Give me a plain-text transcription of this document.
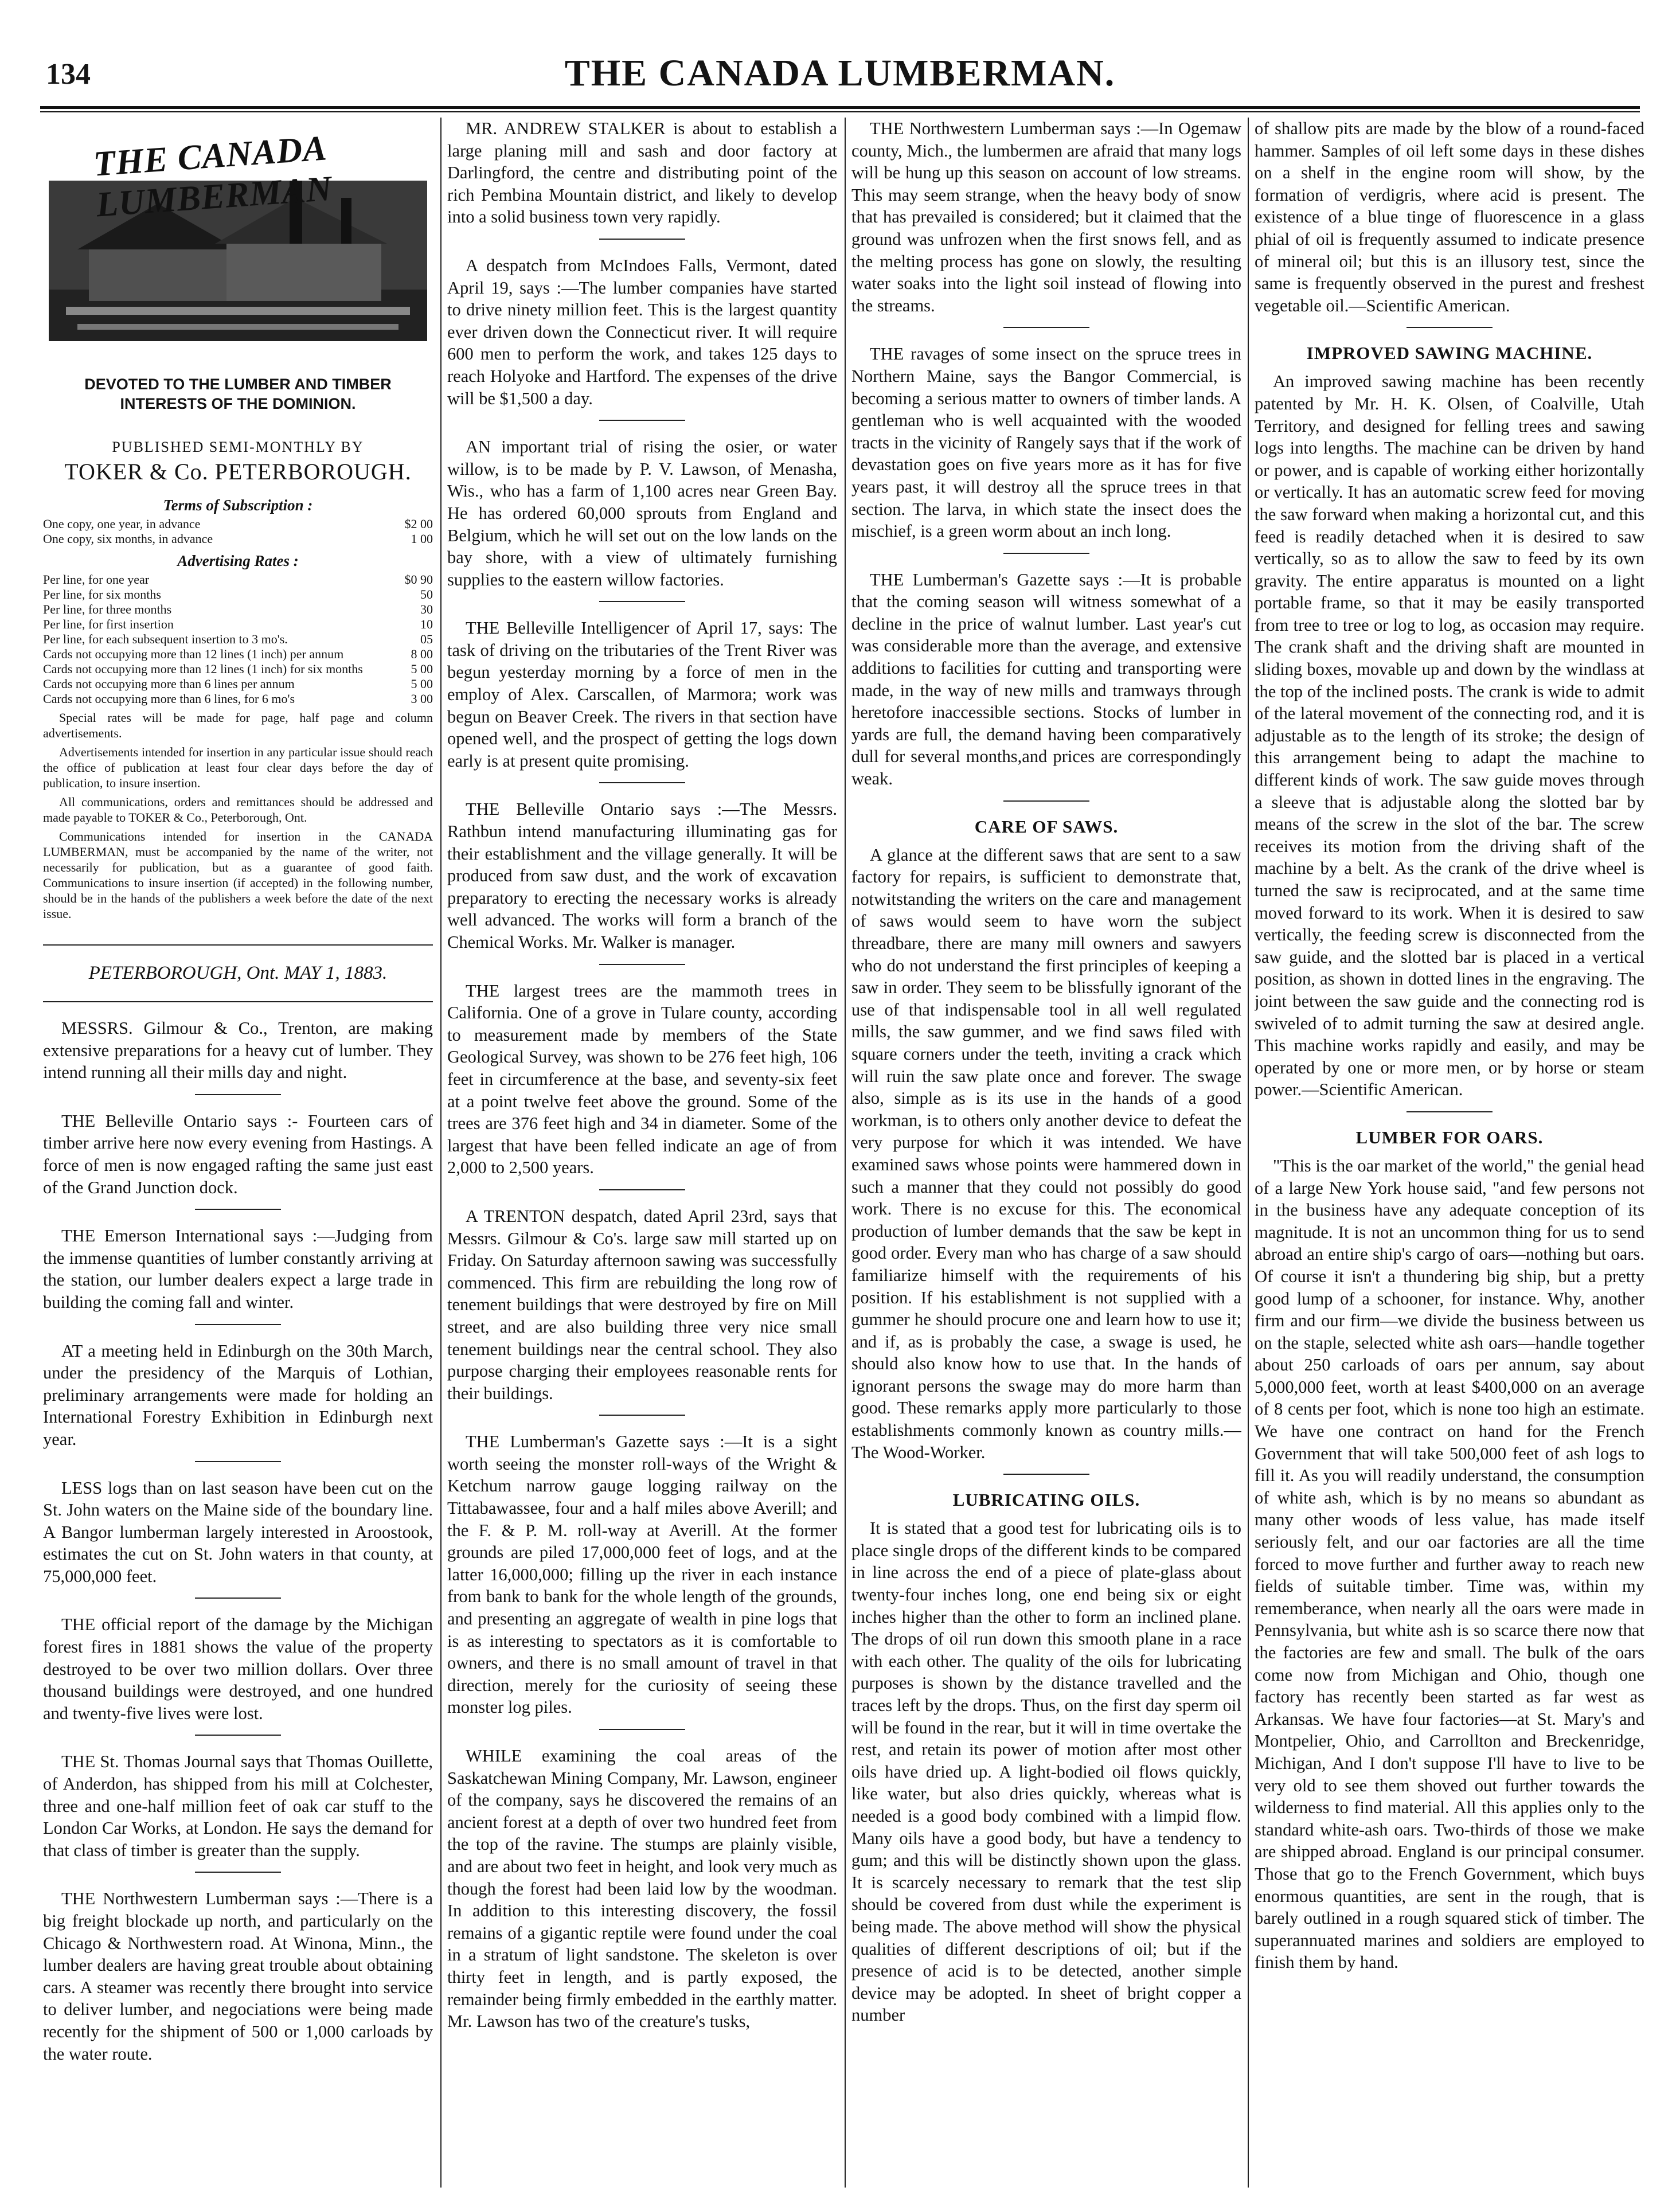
134	THE CANADA LUMBERMAN.
THE CANADA LUMBERMAN
DEVOTED TO THE LUMBER AND TIMBER INTERESTS OF THE DOMINION.
PUBLISHED SEMI-MONTHLY BY
TOKER & Co. PETERBOROUGH.
Terms of Subscription :
One copy, one year, in advance	$2 00
One copy, six months, in advance	1 00
Advertising Rates :
Per line, for one year	$0 90
Per line, for six months	50
Per line, for three months	30
Per line, for first insertion	10
Per line, for each subsequent insertion to 3 mo's.	05
Cards not occupying more than 12 lines (1 inch) per annum	8 00
Cards not occupying more than 12 lines (1 inch) for six months	5 00
Cards not occupying more than 6 lines per annum	5 00
Cards not occupying more than 6 lines, for 6 mo's	3 00
Special rates will be made for page, half page and column advertisements.
Advertisements intended for insertion in any particular issue should reach the office of publication at least four clear days before the day of publication, to insure insertion.
All communications, orders and remittances should be addressed and made payable to TOKER & Co., Peterborough, Ont.
Communications intended for insertion in the CANADA LUMBERMAN, must be accompanied by the name of the writer, not necessarily for publication, but as a guarantee of good faith. Communications to insure insertion (if accepted) in the following number, should be in the hands of the publishers a week before the date of the next issue.
PETERBOROUGH, Ont. MAY 1, 1883.

MESSRS. Gilmour & Co., Trenton, are making extensive preparations for a heavy cut of lumber. They intend running all their mills day and night.

THE Belleville Ontario says :- Fourteen cars of timber arrive here now every evening from Hastings. A force of men is now engaged rafting the same just east of the Grand Junction dock.

THE Emerson International says :—Judging from the immense quantities of lumber constantly arriving at the station, our lumber dealers expect a large trade in building the coming fall and winter.

AT a meeting held in Edinburgh on the 30th March, under the presidency of the Marquis of Lothian, preliminary arrangements were made for holding an International Forestry Exhibition in Edinburgh next year.

LESS logs than on last season have been cut on the St. John waters on the Maine side of the boundary line. A Bangor lumberman largely interested in Aroostook, estimates the cut on St. John waters in that county, at 75,000,000 feet.

THE official report of the damage by the Michigan forest fires in 1881 shows the value of the property destroyed to be over two million dollars. Over three thousand buildings were destroyed, and one hundred and twenty-five lives were lost.

THE St. Thomas Journal says that Thomas Ouillette, of Anderdon, has shipped from his mill at Colchester, three and one-half million feet of oak car stuff to the London Car Works, at London. He says the demand for that class of timber is greater than the supply.

THE Northwestern Lumberman says :—There is a big freight blockade up north, and particularly on the Chicago & Northwestern road. At Winona, Minn., the lumber dealers are having great trouble about obtaining cars. A steamer was recently there brought into service to deliver lumber, and negociations were being made recently for the shipment of 500 or 1,000 carloads by the water route.

MR. ANDREW STALKER is about to establish a large planing mill and sash and door factory at Darlingford, the centre and distributing point of the rich Pembina Mountain district, and likely to develop into a solid business town very rapidly.

A despatch from McIndoes Falls, Vermont, dated April 19, says :—The lumber companies have started to drive ninety million feet. This is the largest quantity ever driven down the Connecticut river. It will require 600 men to perform the work, and takes 125 days to reach Holyoke and Hartford. The expenses of the drive will be $1,500 a day.

AN important trial of rising the osier, or water willow, is to be made by P. V. Lawson, of Menasha, Wis., who has a farm of 1,100 acres near Green Bay. He has ordered 60,000 sprouts from England and Belgium, which he will set out on the low lands on the bay shore, with a view of ultimately furnishing supplies to the eastern willow factories.

THE Belleville Intelligencer of April 17, says: The task of driving on the tributaries of the Trent River was begun yesterday morning by a force of men in the employ of Alex. Carscallen, of Marmora; work was begun on Beaver Creek. The rivers in that section have opened well, and the prospect of getting the logs down early is at present quite promising.

THE Belleville Ontario says :—The Messrs. Rathbun intend manufacturing illuminating gas for their establishment and the village generally. It will be produced from saw dust, and the work of excavation preparatory to erecting the necessary works is already well advanced. The works will form a branch of the Chemical Works. Mr. Walker is manager.

THE largest trees are the mammoth trees in California. One of a grove in Tulare county, according to measurement made by members of the State Geological Survey, was shown to be 276 feet high, 106 feet in circumference at the base, and seventy-six feet at a point twelve feet above the ground. Some of the trees are 376 feet high and 34 in diameter. Some of the largest that have been felled indicate an age of from 2,000 to 2,500 years.

A TRENTON despatch, dated April 23rd, says that Messrs. Gilmour & Co's. large saw mill started up on Friday. On Saturday afternoon sawing was successfully commenced. This firm are rebuilding the long row of tenement buildings that were destroyed by fire on Mill street, and are also building three very nice small tenement buildings near the central school. They also purpose charging their employees reasonable rents for their buildings.

THE Lumberman's Gazette says :—It is a sight worth seeing the monster roll-ways of the Wright & Ketchum narrow gauge logging railway on the Tittabawassee, four and a half miles above Averill; and the F. & P. M. roll-way at Averill. At the former grounds are piled 17,000,000 feet of logs, and at the latter 16,000,000; filling up the river in each instance from bank to bank for the whole length of the grounds, and presenting an aggregate of wealth in pine logs that is as interesting to spectators as it is comfortable to owners, and there is no small amount of travel in that direction, merely for the curiosity of seeing these monster log piles.

WHILE examining the coal areas of the Saskatchewan Mining Company, Mr. Lawson, engineer of the company, says he discovered the remains of an ancient forest at a depth of over two hundred feet from the top of the ravine. The stumps are plainly visible, and are about two feet in height, and look very much as though the forest had been laid low by the woodman. In addition to this interesting discovery, the fossil remains of a gigantic reptile were found under the coal in a stratum of light sandstone. The skeleton is over thirty feet in length, and is partly exposed, the remainder being firmly embedded in the earthly matter. Mr. Lawson has two of the creature's tusks,

THE Northwestern Lumberman says :—In Ogemaw county, Mich., the lumbermen are afraid that many logs will be hung up this season on account of low streams. This may seem strange, when the heavy body of snow that has prevailed is considered; but it claimed that the ground was unfrozen when the first snows fell, and as the melting process has gone on slowly, the resulting water soaks into the light soil instead of flowing into the streams.

THE ravages of some insect on the spruce trees in Northern Maine, says the Bangor Commercial, is becoming a serious matter to owners of timber lands. A gentleman who is well acquainted with the wooded tracts in the vicinity of Rangely says that if the work of devastation goes on five years more as it has for five years past, it will destroy all the spruce trees in that section. The larva, in which state the insect does the mischief, is a green worm about an inch long.

THE Lumberman's Gazette says :—It is probable that the coming season will witness somewhat of a decline in the price of walnut lumber. Last year's cut was considerable more than the average, and extensive additions to facilities for cutting and transporting were made, in the way of new mills and tramways through heretofore inaccessible sections. Stocks of lumber in yards are full, the demand having been comparatively dull for several months,and prices are correspondingly weak.

CARE OF SAWS.

A glance at the different saws that are sent to a saw factory for repairs, is sufficient to demonstrate that, notwitstanding the writers on the care and management of saws would seem to have worn the subject threadbare, there are many mill owners and sawyers who do not understand the first principles of keeping a saw in order. They seem to be blissfully ignorant of the use of that indispensable tool in all well regulated mills, the saw gummer, and we find saws filed with square corners under the teeth, inviting a crack which will ruin the saw plate once and forever. The swage also, simple as is its use in the hands of a good workman, is to others only another device to defeat the very purpose for which it was intended. We have examined saws whose points were hammered down in such a manner that they could not possibly do good work. There is no excuse for this. The economical production of lumber demands that the saw be kept in good order. Every man who has charge of a saw should familiarize himself with the requirements of his position. If his establishment is not supplied with a gummer he should procure one and learn how to use it; and if, as is probably the case, a swage is used, he should also know how to use that. In the hands of ignorant persons the swage may do more harm than good. These remarks apply more particularly to those establishments commonly known as country mills.—The Wood-Worker.

LUBRICATING OILS.

It is stated that a good test for lubricating oils is to place single drops of the different kinds to be compared in line across the end of a piece of plate-glass about twenty-four inches long, one end being six or eight inches higher than the other to form an inclined plane. The drops of oil run down this smooth plane in a race with each other. The quality of the oils for lubricating purposes is shown by the distance travelled and the traces left by the drops. Thus, on the first day sperm oil will be found in the rear, but it will in time overtake the rest, and retain its power of motion after most other oils have dried up. A light-bodied oil flows quickly, like water, but also dries quickly, whereas what is needed is a good body combined with a limpid flow. Many oils have a good body, but have a tendency to gum; and this will be distinctly shown upon the glass. It is scarcely necessary to remark that the test slip should be covered from dust while the experiment is being made. The above method will show the physical qualities of different descriptions of oil; but if the presence of acid is to be detected, another simple device may be adopted. In sheet of bright copper a number

of shallow pits are made by the blow of a round-faced hammer. Samples of oil left some days in these dishes on a shelf in the engine room will show, by the formation of verdigris, where acid is present. The existence of a blue tinge of fluorescence in a glass phial of oil is frequently assumed to indicate presence of mineral oil; but this is an illusory test, since the same is frequently observed in the purest and freshest vegetable oil.—Scientific American.

IMPROVED SAWING MACHINE.

An improved sawing machine has been recently patented by Mr. H. K. Olsen, of Coalville, Utah Territory, and designed for felling trees and sawing logs into lengths. The machine can be driven by hand or power, and is capable of working either horizontally or vertically. It has an automatic screw feed for moving the saw forward when making a horizontal cut, and this feed is readily detached when it is desired to saw vertically, so as to allow the saw to feed by its own gravity. The entire apparatus is mounted on a light portable frame, so that it may be easily transported from tree to tree or log to log, as occasion may require. The crank shaft and the driving shaft are mounted in sliding boxes, movable up and down by the windlass at the top of the inclined posts. The crank is wide to admit of the lateral movement of the connecting rod, and it is adjustable as to the length of its stroke; the design of this arrangement being to adapt the machine to different kinds of work. The saw guide moves through a sleeve that is adjustable along the slotted bar by means of the screw in the slot of the bar. The screw receives its motion from the driving shaft of the machine by a belt. As the crank of the drive wheel is turned the saw is reciprocated, and at the same time moved forward to its work. When it is desired to saw vertically, the feeding screw is disconnected from the saw guide, and the slotted bar is placed in a vertical position, as shown in dotted lines in the engraving. The joint between the saw guide and the connecting rod is swiveled of to admit turning the saw at desired angle. This machine works rapidly and easily, and may be operated by one or more men, or by horse or steam power.—Scientific American.

LUMBER FOR OARS.

"This is the oar market of the world," the genial head of a large New York house said, "and few persons not in the business have any adequate conception of its magnitude. It is not an uncommon thing for us to send abroad an entire ship's cargo of oars—nothing but oars. Of course it isn't a thundering big ship, but a pretty good lump of a schooner, for instance. Why, another firm and our firm—we divide the business between us on the staple, selected white ash oars—handle together about 250 carloads of oars per annum, say about 5,000,000 feet, worth at least $400,000 on an average of 8 cents per foot, which is none too high an estimate. We have one contract on hand for the French Government that will take 500,000 feet of ash logs to fill it. As you will readily understand, the consumption of white ash, which is by no means so abundant as many other woods of less value, has made itself seriously felt, and our oar factories are all the time forced to move further and further away to reach new fields of suitable timber. Time was, within my rememberance, when nearly all the oars were made in Pennsylvania, but white ash is so scarce there now that the factories are few and small. The bulk of the oars come now from Michigan and Ohio, though one factory has recently been started as far west as Arkansas. We have four factories—at St. Mary's and Montpelier, Ohio, and Carrollton and Breckenridge, Michigan, And I don't suppose I'll have to live to be very old to see them shoved out further towards the wilderness to find material. All this applies only to the standard white-ash oars. Two-thirds of those we make are shipped abroad. England is our principal consumer. Those that go to the French Government, which buys enormous quantities, are sent in the rough, that is barely outlined in a rough squared stick of timber. The superannuated marines and soldiers are employed to finish them by hand.
